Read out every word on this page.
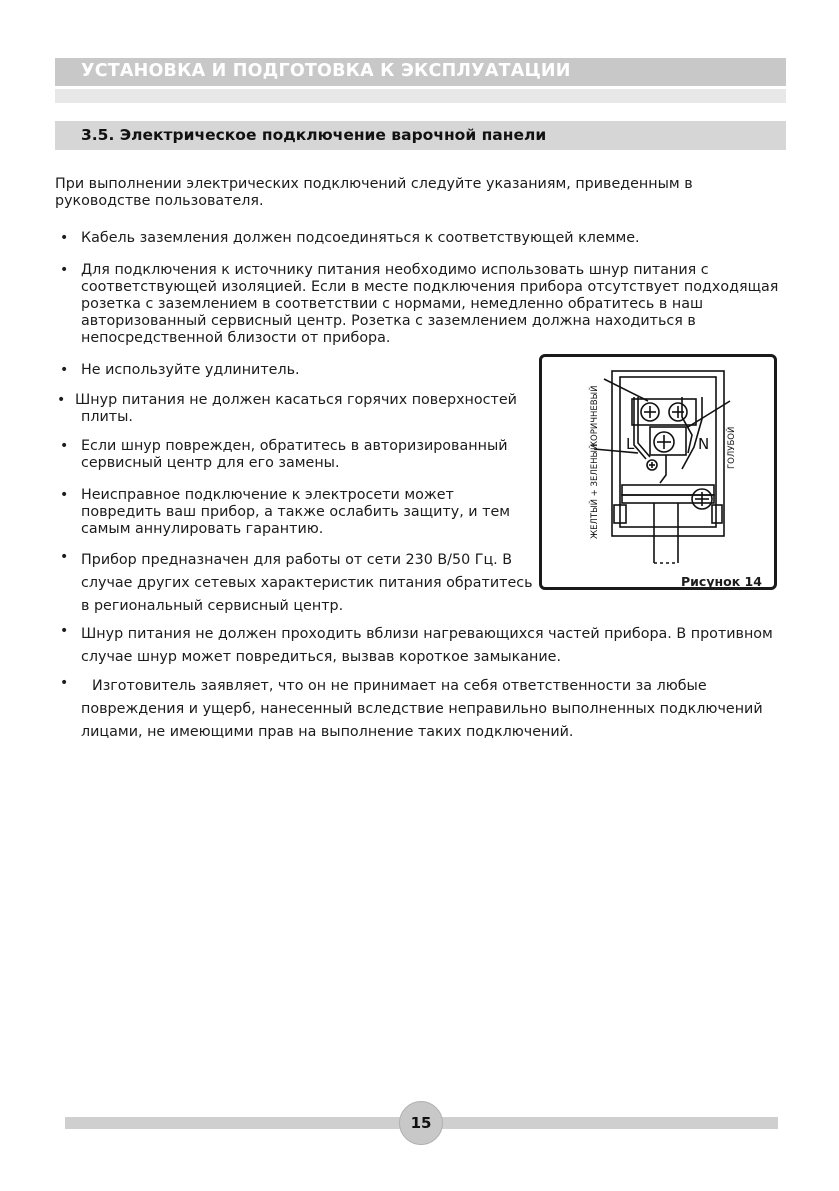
УСТАНОВКА И ПОДГОТОВКА К ЭКСПЛУАТАЦИИ
3.5. Электрическое подключение варочной панели
При выполнении электрических подключений следуйте указаниям, приведенным в
руководстве пользователя.
• Кабель заземления должен подсоединяться к соответствующей клемме.
• Для подключения к источнику питания необходимо использовать шнур питания с
соответствующей изоляцией. Если в месте подключения прибора отсутствует подходящая
розетка с заземлением в соответствии с нормами, немедленно обратитесь в наш
авторизованный сервисный центр. Розетка с заземлением должна находиться в
непосредственной близости от прибора.
• Не используйте удлинитель.
• Шнур питания не должен касаться горячих поверхностей
плиты.
• Если шнур поврежден, обратитесь в авторизированный
сервисный центр для его замены.
• Неисправное подключение к электросети может
повредить ваш прибор, а также ослабить защиту, и тем
самым аннулировать гарантию.
• Прибор предназначен для работы от сети 230 В/50 Гц. В
случае других сетевых характеристик питания обратитесь
в региональный сервисный центр.
• Шнур питания не должен проходить вблизи нагревающихся частей прибора. В противном
случае шнур может повредиться, вызвав короткое замыкание.
• Изготовитель заявляет, что он не принимает на себя ответственности за любые
повреждения и ущерб, нанесенный вследствие неправильно выполненных подключений
лицами, не имеющими прав на выполнение таких подключений.
L	N
ЖЕЛТЫЙ + ЗЕЛЕНЫЙ
КОРИЧНЕВЫЙ
ГОЛУБОЙ
Рисунок 14
15
